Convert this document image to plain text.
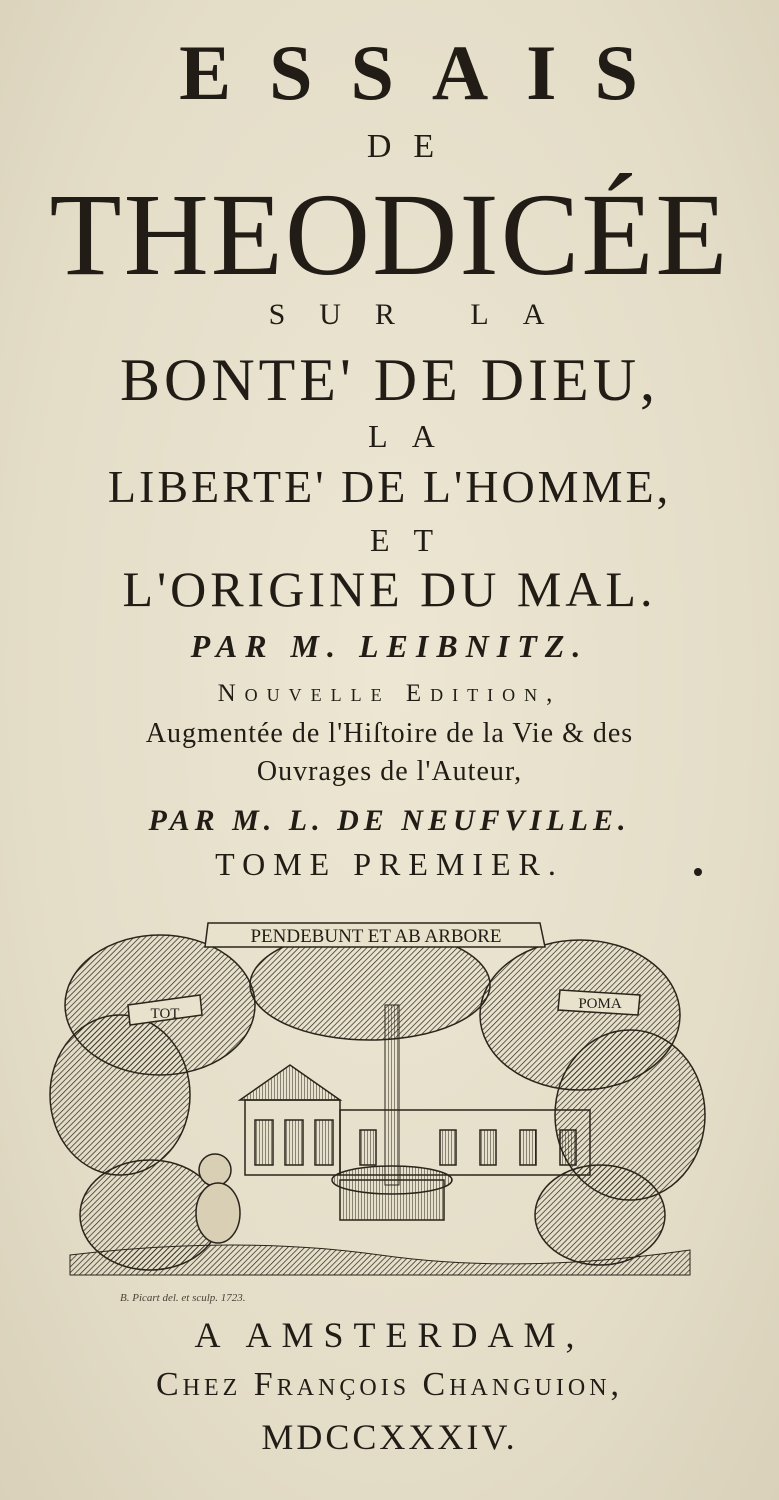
ESSAIS
DE
THEODICÉE
SUR LA
BONTE' DE DIEU,
LA
LIBERTE' DE L'HOMME,
ET
L'ORIGINE DU MAL.
PAR M. LEIBNITZ.
Nouvelle Edition,
Augmentée de l'Hiſtoire de la Vie & des
Ouvrages de l'Auteur,
PAR M. L. DE NEUFVILLE.
TOME PREMIER.
PENDEBUNT ET AB ARBORE
TOT
POMA
B. Picart del. et sculp. 1723.
A AMSTERDAM,
Chez François Changuion,
MDCCXXXIV.
